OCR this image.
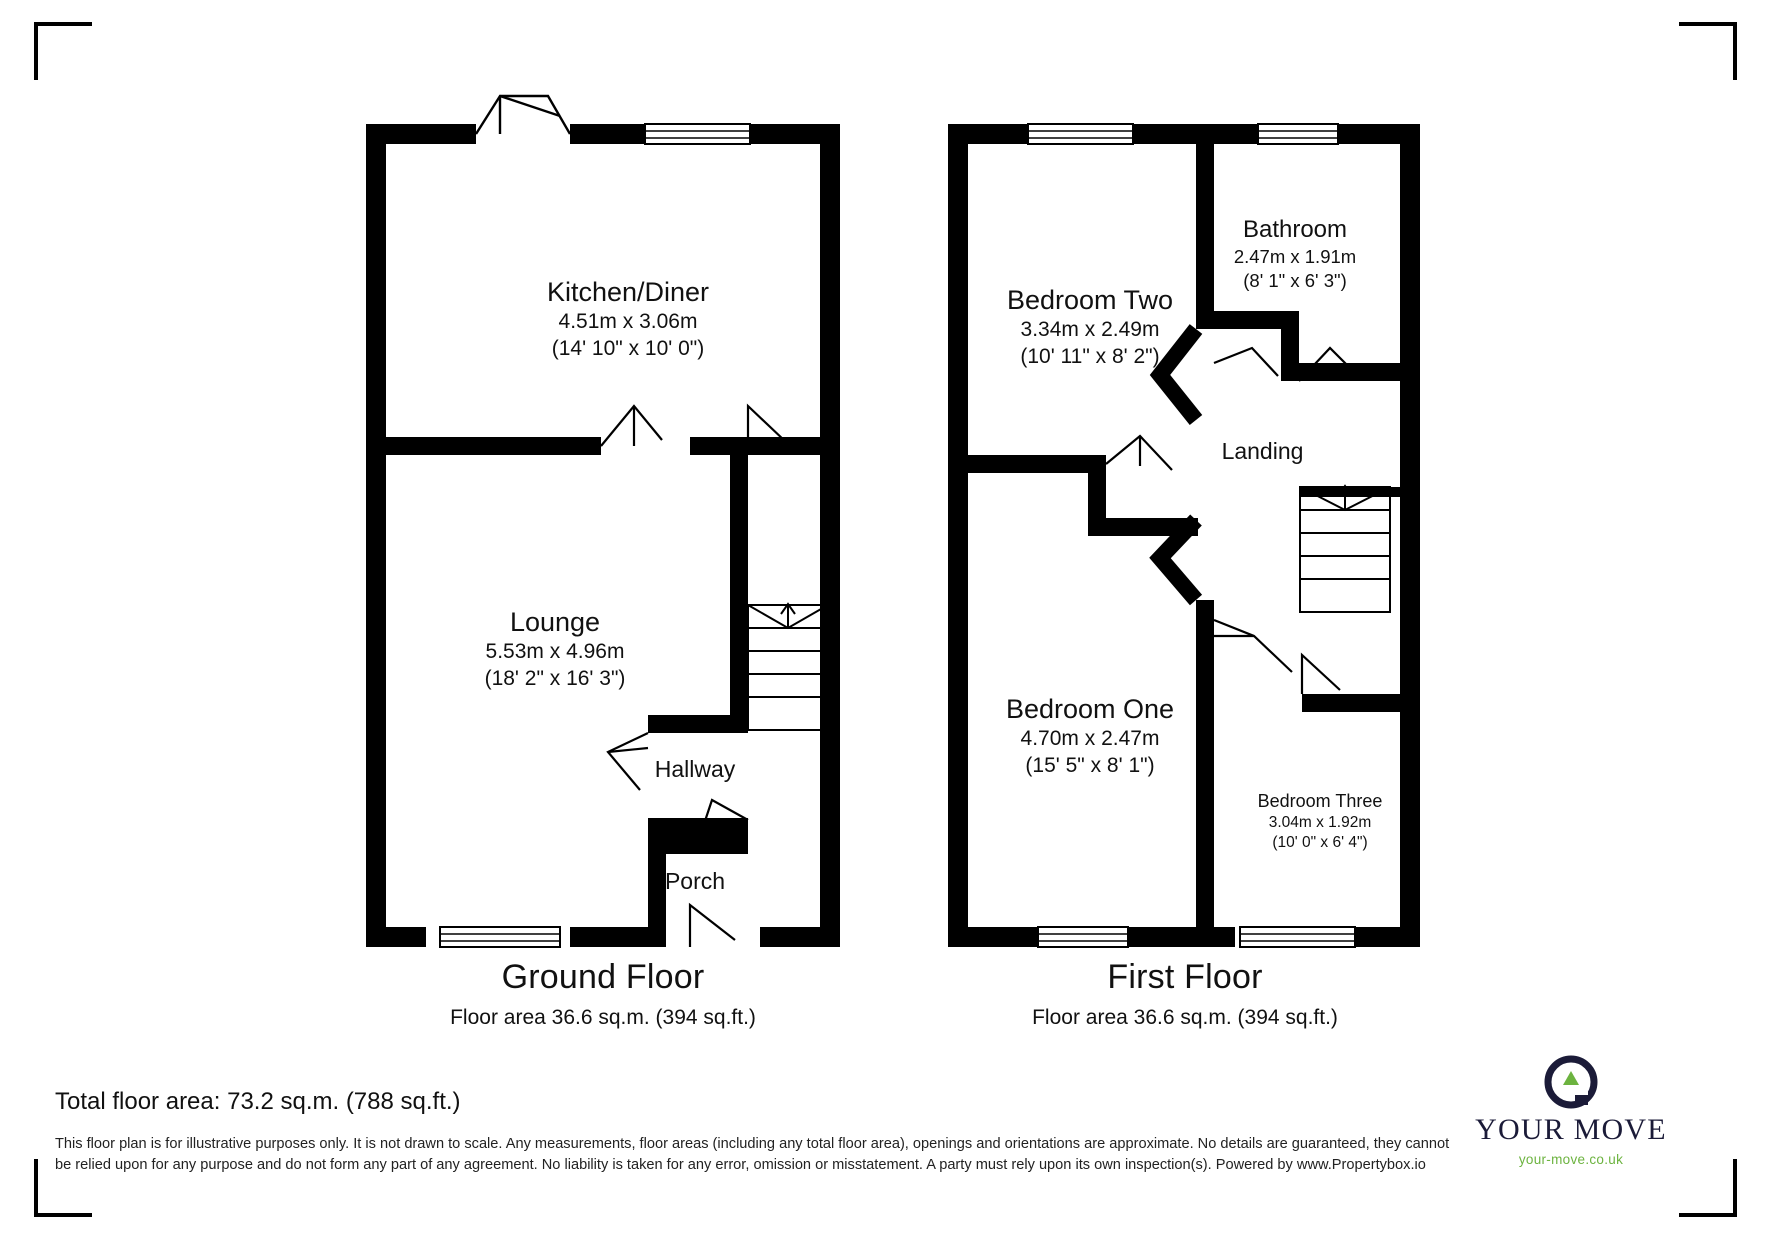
Kitchen/Diner
4.51m x 3.06m
(14' 10" x 10' 0")
Lounge
5.53m x 4.96m
(18' 2" x 16' 3")
Hallway
Porch
Bathroom
2.47m x 1.91m
(8' 1" x 6' 3")
Bedroom Two
3.34m x 2.49m
(10' 11" x 8' 2")
Landing
Bedroom One
4.70m x 2.47m
(15' 5" x 8' 1")
Bedroom Three
3.04m x 1.92m
(10' 0" x 6' 4")
Ground Floor
Floor area 36.6 sq.m. (394 sq.ft.)
First Floor
Floor area 36.6 sq.m. (394 sq.ft.)
Total floor area: 73.2 sq.m. (788 sq.ft.)
This floor plan is for illustrative purposes only. It is not drawn to scale. Any measurements, floor areas (including any total floor area), openings and orientations are approximate. No details are guaranteed, they cannot be relied upon for any purpose and do not form any part of any agreement. No liability is taken for any error, omission or misstatement. A party must rely upon its own inspection(s). Powered by www.Propertybox.io
YOUR MOVE
your-move.co.uk
